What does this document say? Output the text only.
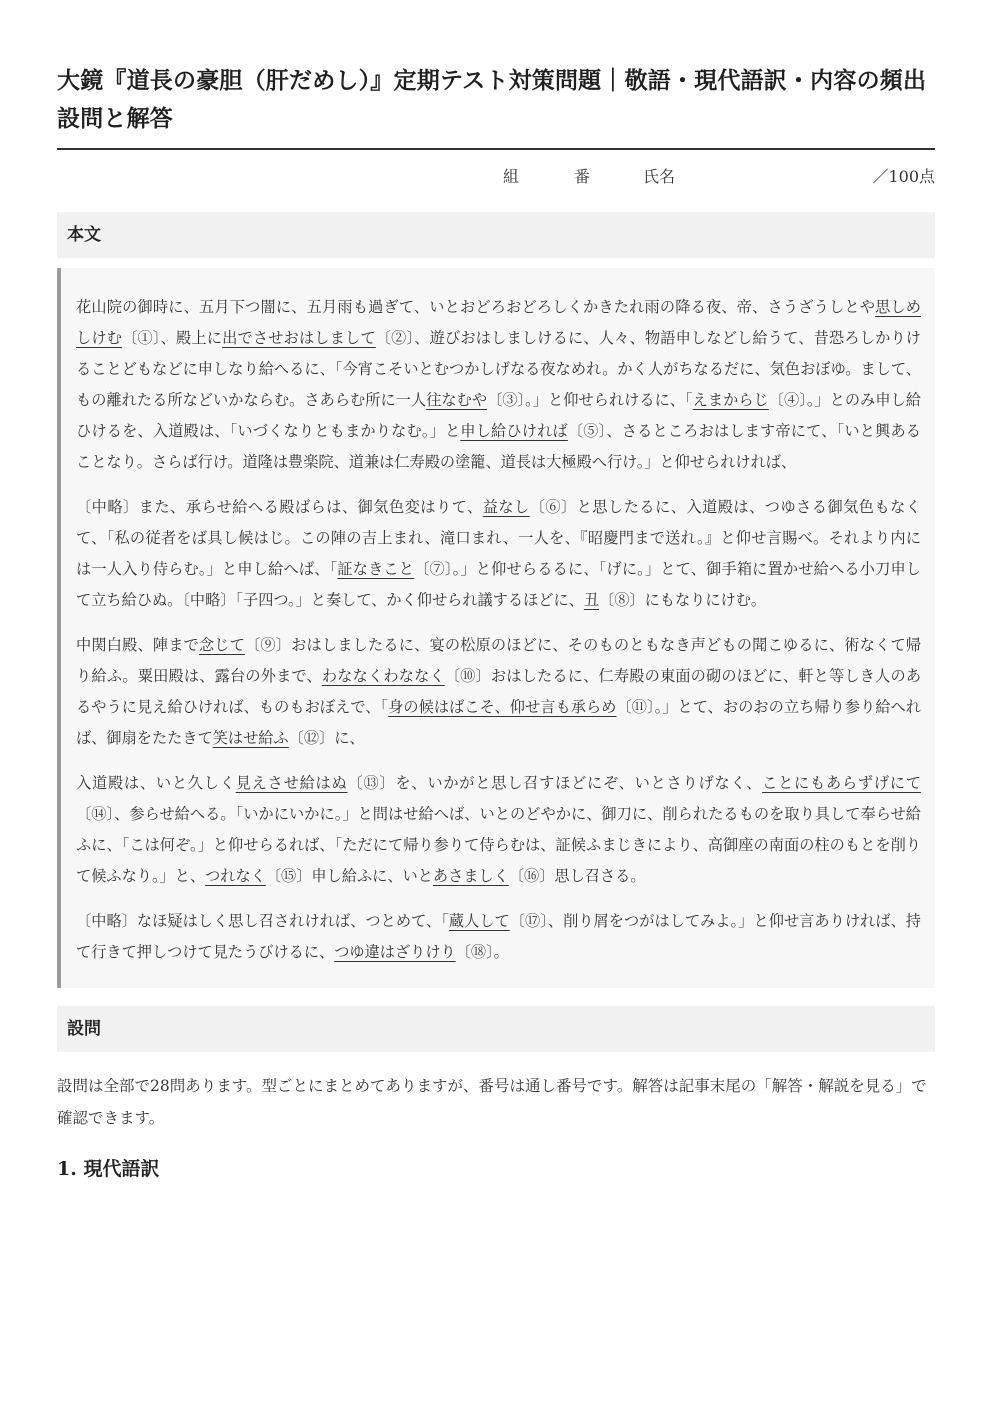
大鏡『道長の豪胆（肝だめし）』定期テスト対策問題｜敬語・現代語訳・内容の頻出設問と解答
組	番	氏名	／100点
本文

花山院の御時に、五月下つ闇に、五月雨も過ぎて、いとおどろおどろしくかきたれ雨の降る夜、帝、さうざうしとや思しめしけむ〔①〕、殿上に出でさせおはしまして〔②〕、遊びおはしましけるに、人々、物語申しなどし給うて、昔恐ろしかりけることどもなどに申しなり給へるに、「今宵こそいとむつかしげなる夜なめれ。かく人がちなるだに、気色おぼゆ。まして、もの離れたる所などいかならむ。さあらむ所に一人往なむや〔③〕。」と仰せられけるに、「えまからじ〔④〕。」とのみ申し給ひけるを、入道殿は、「いづくなりともまかりなむ。」と申し給ひければ〔⑤〕、さるところおはします帝にて、「いと興あることなり。さらば行け。道隆は豊楽院、道兼は仁寿殿の塗籠、道長は大極殿へ行け。」と仰せられければ、

〔中略〕また、承らせ給へる殿ばらは、御気色変はりて、益なし〔⑥〕と思したるに、入道殿は、つゆさる御気色もなくて、「私の従者をば具し候はじ。この陣の吉上まれ、滝口まれ、一人を、『昭慶門まで送れ。』と仰せ言賜べ。それより内には一人入り侍らむ。」と申し給へば、「証なきこと〔⑦〕。」と仰せらるるに、「げに。」とて、御手箱に置かせ給へる小刀申して立ち給ひぬ。〔中略〕「子四つ。」と奏して、かく仰せられ議するほどに、丑〔⑧〕にもなりにけむ。

中関白殿、陣まで念じて〔⑨〕おはしましたるに、宴の松原のほどに、そのものともなき声どもの聞こゆるに、術なくて帰り給ふ。粟田殿は、露台の外まで、わななくわななく〔⑩〕おはしたるに、仁寿殿の東面の砌のほどに、軒と等しき人のあるやうに見え給ひければ、ものもおぼえで、「身の候はばこそ、仰せ言も承らめ〔⑪〕。」とて、おのおの立ち帰り参り給へれば、御扇をたたきて笑はせ給ふ〔⑫〕に、

入道殿は、いと久しく見えさせ給はぬ〔⑬〕を、いかがと思し召すほどにぞ、いとさりげなく、ことにもあらずげにて〔⑭〕、参らせ給へる。「いかにいかに。」と問はせ給へば、いとのどやかに、御刀に、削られたるものを取り具して奉らせ給ふに、「こは何ぞ。」と仰せらるれば、「ただにて帰り参りて侍らむは、証候ふまじきにより、高御座の南面の柱のもとを削りて候ふなり。」と、つれなく〔⑮〕申し給ふに、いとあさましく〔⑯〕思し召さる。

〔中略〕なほ疑はしく思し召されければ、つとめて、「蔵人して〔⑰〕、削り屑をつがはしてみよ。」と仰せ言ありければ、持て行きて押しつけて見たうびけるに、つゆ違はざりけり〔⑱〕。

設問

設問は全部で28問あります。型ごとにまとめてありますが、番号は通し番号です。解答は記事末尾の「解答・解説を見る」で確認できます。

1. 現代語訳
